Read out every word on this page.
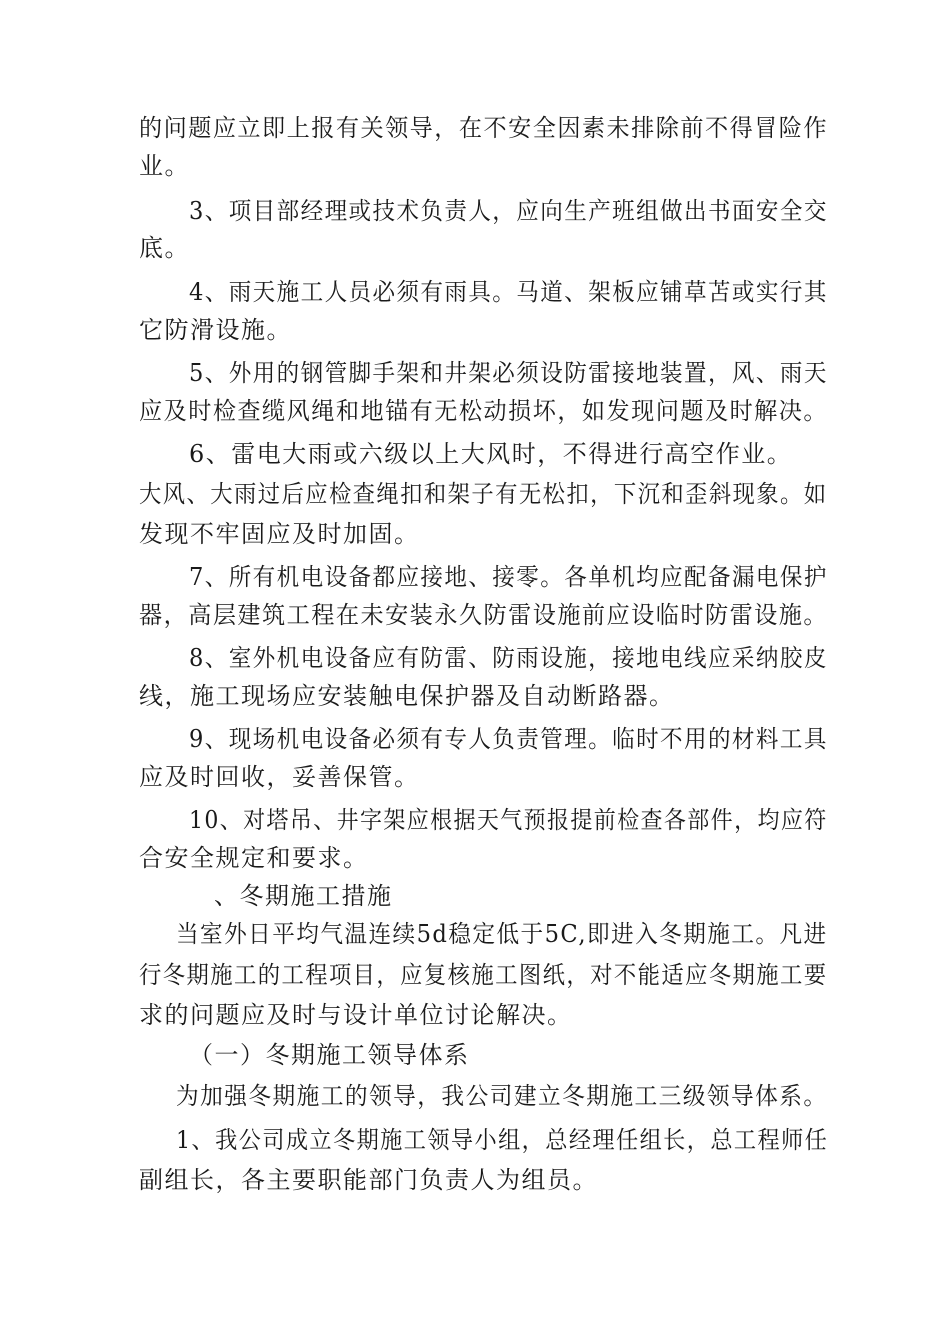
的问题应立即上报有关领导，在不安全因素未排除前不得冒险作
业。
3、项目部经理或技术负责人，应向生产班组做出书面安全交
底。
4、雨天施工人员必须有雨具。马道、架板应铺草苫或实行其
它防滑设施。
5、外用的钢管脚手架和井架必须设防雷接地装置，风、雨天
应及时检查缆风绳和地锚有无松动损坏，如发现问题及时解决。
6、雷电大雨或六级以上大风时，不得进行高空作业。
大风、大雨过后应检查绳扣和架子有无松扣，下沉和歪斜现象。如
发现不牢固应及时加固。
7、所有机电设备都应接地、接零。各单机均应配备漏电保护
器，高层建筑工程在未安装永久防雷设施前应设临时防雷设施。
8、室外机电设备应有防雷、防雨设施，接地电线应采纳胶皮
线，施工现场应安装触电保护器及自动断路器。
9、现场机电设备必须有专人负责管理。临时不用的材料工具
应及时回收，妥善保管。
10、对塔吊、井字架应根据天气预报提前检查各部件，均应符
合安全规定和要求。
、冬期施工措施
当室外日平均气温连续5d稳定低于5C,即进入冬期施工。凡进
行冬期施工的工程项目，应复核施工图纸，对不能适应冬期施工要
求的问题应及时与设计单位讨论解决。
（一）冬期施工领导体系
为加强冬期施工的领导，我公司建立冬期施工三级领导体系。
1、我公司成立冬期施工领导小组，总经理任组长，总工程师任
副组长，各主要职能部门负责人为组员。
